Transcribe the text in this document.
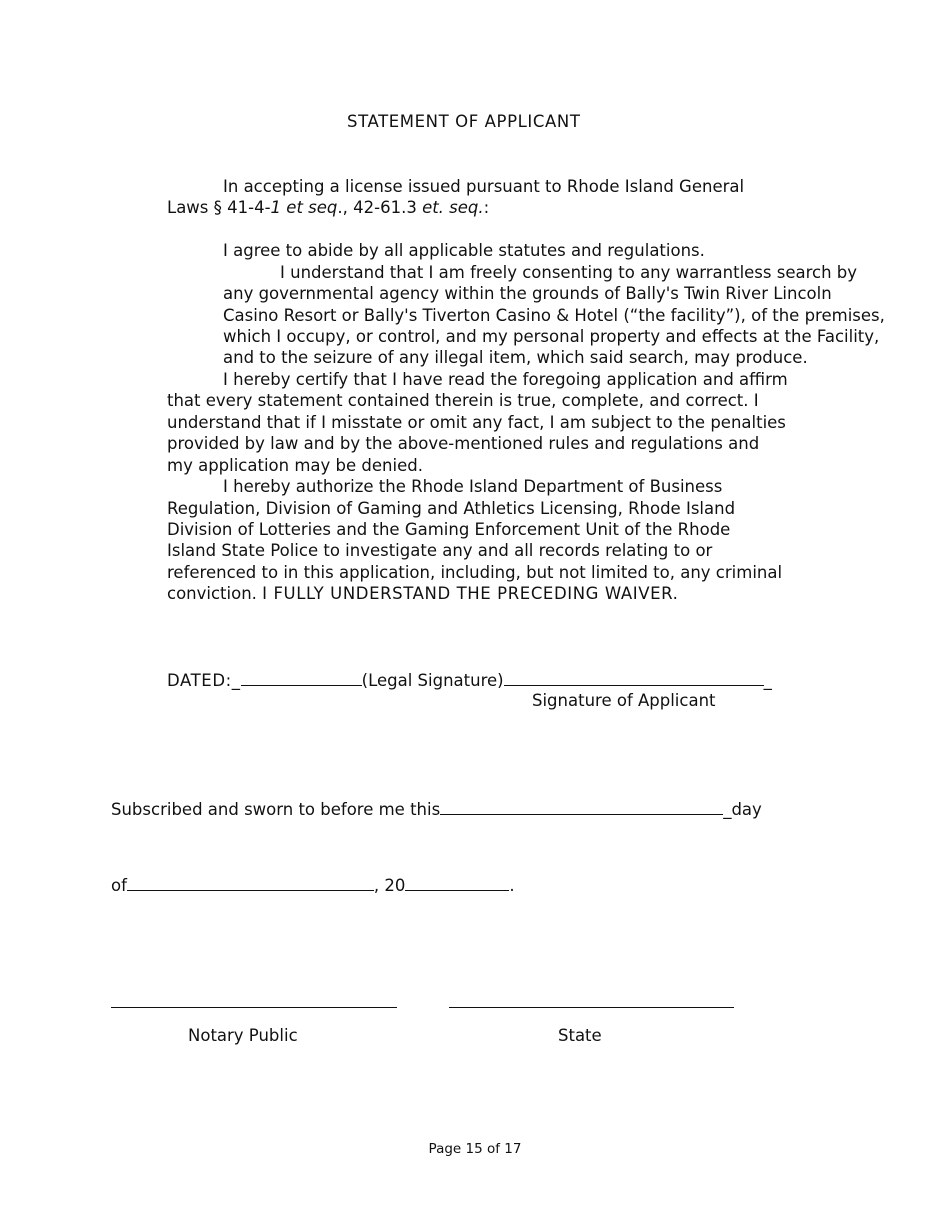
STATEMENT OF APPLICANT
In accepting a license issued pursuant to Rhode Island General
Laws § 41-4-1 et seq., 42-61.3 et. seq.:
I agree to abide by all applicable statutes and regulations.
I understand that I am freely consenting to any warrantless search by
any governmental agency within the grounds of Bally's Twin River Lincoln
Casino Resort or Bally's Tiverton Casino & Hotel (“the facility”), of the premises,
which I occupy, or control, and my personal property and effects at the Facility,
and to the seizure of any illegal item, which said search, may produce.
I hereby certify that I have read the foregoing application and affirm
that every statement contained therein is true, complete, and correct. I
understand that if I misstate or omit any fact, I am subject to the penalties
provided by law and by the above-mentioned rules and regulations and
my application may be denied.
I hereby authorize the Rhode Island Department of Business
Regulation, Division of Gaming and Athletics Licensing, Rhode Island
Division of Lotteries and the Gaming Enforcement Unit of the Rhode
Island State Police to investigate any and all records relating to or
referenced to in this application, including, but not limited to, any criminal
conviction. I FULLY UNDERSTAND THE PRECEDING WAIVER.
DATED:_	(Legal Signature)	_
Signature of Applicant
Subscribed and sworn to before me this	_day
of	, 20	.
Notary Public	State
Page 15 of 17
